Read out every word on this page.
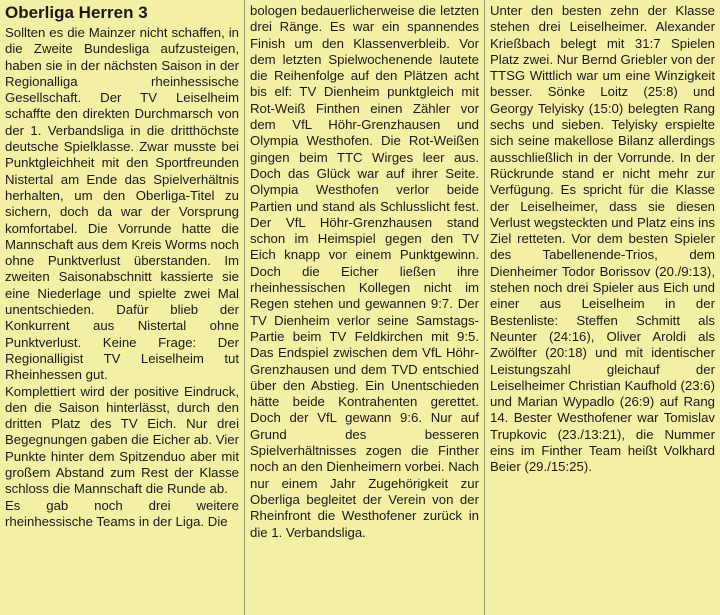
Oberliga Herren 3

Sollten es die Mainzer nicht schaffen, in die Zweite Bundesliga aufzusteigen, haben sie in der nächsten Saison in der Regionalliga rheinhessische Gesellschaft. Der TV Leiselheim schaffte den direkten Durchmarsch von der 1. Verbandsliga in die dritthöchste deutsche Spielklasse. Zwar musste bei Punktgleichheit mit den Sportfreunden Nistertal am Ende das Spielverhältnis herhalten, um den Oberliga-Titel zu sichern, doch da war der Vorsprung komfortabel. Die Vorrunde hatte die Mannschaft aus dem Kreis Worms noch ohne Punktverlust überstanden. Im zweiten Saisonabschnitt kassierte sie eine Niederlage und spielte zwei Mal unentschieden. Dafür blieb der Konkurrent aus Nistertal ohne Punktverlust. Keine Frage: Der Regionalligist TV Leiselheim tut Rheinhessen gut.

Komplettiert wird der positive Eindruck, den die Saison hinterlässt, durch den dritten Platz des TV Eich. Nur drei Begegnungen gaben die Eicher ab. Vier Punkte hinter dem Spitzenduo aber mit großem Abstand zum Rest der Klasse schloss die Mannschaft die Runde ab.

Es gab noch drei weitere rheinhessische Teams in der Liga. Die

bologen bedauerlicherweise die letzten drei Ränge. Es war ein spannendes Finish um den Klassenverbleib. Vor dem letzten Spielwochenende lautete die Reihenfolge auf den Plätzen acht bis elf: TV Dienheim punktgleich mit Rot-Weiß Finthen einen Zähler vor dem VfL Höhr-Grenzhausen und Olympia Westhofen. Die Rot-Weißen gingen beim TTC Wirges leer aus. Doch das Glück war auf ihrer Seite. Olympia Westhofen verlor beide Partien und stand als Schlusslicht fest. Der VfL Höhr-Grenzhausen stand schon im Heimspiel gegen den TV Eich knapp vor einem Punktgewinn. Doch die Eicher ließen ihre rheinhessischen Kollegen nicht im Regen stehen und gewannen 9:7. Der TV Dienheim verlor seine Samstags-Partie beim TV Feldkirchen mit 9:5. Das Endspiel zwischen dem VfL Höhr-Grenzhausen und dem TVD entschied über den Abstieg. Ein Unentschieden hätte beide Kontrahenten gerettet. Doch der VfL gewann 9:6. Nur auf Grund des besseren Spielverhältnisses zogen die Finther noch an den Dienheimern vorbei. Nach nur einem Jahr Zugehörigkeit zur Oberliga begleitet der Verein von der Rheinfront die Westhofener zurück in die 1. Verbandsliga.

Unter den besten zehn der Klasse stehen drei Leiselheimer. Alexander Krießbach belegt mit 31:7 Spielen Platz zwei. Nur Bernd Griebler von der TTSG Wittlich war um eine Winzigkeit besser. Sönke Loitz (25:8) und Georgy Telyisky (15:0) belegten Rang sechs und sieben. Telyisky erspielte sich seine makellose Bilanz allerdings ausschließlich in der Vorrunde. In der Rückrunde stand er nicht mehr zur Verfügung. Es spricht für die Klasse der Leiselheimer, dass sie diesen Verlust wegsteckten und Platz eins ins Ziel retteten. Vor dem besten Spieler des Tabellenende-Trios, dem Dienheimer Todor Borissov (20./9:13), stehen noch drei Spieler aus Eich und einer aus Leiselheim in der Bestenliste: Steffen Schmitt als Neunter (24:16), Oliver Aroldi als Zwölfter (20:18) und mit identischer Leistungszahl gleichauf der Leiselheimer Christian Kaufhold (23:6) und Marian Wypadlo (26:9) auf Rang 14. Bester Westhofener war Tomislav Trupkovic (23./13:21), die Nummer eins im Finther Team heißt Volkhard Beier (29./15:25).
